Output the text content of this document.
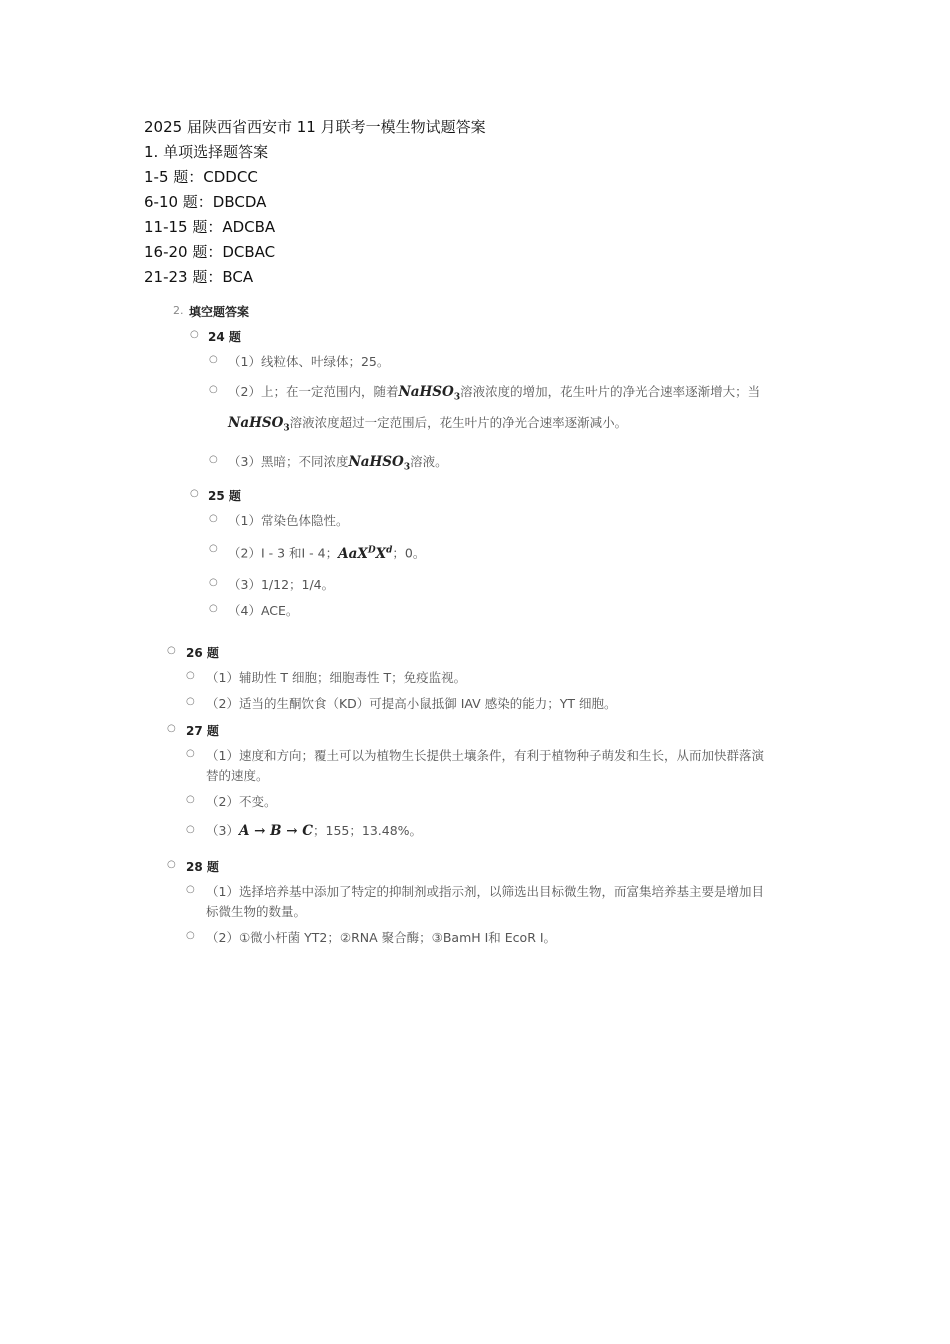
2025 届陕西省西安市 11 月联考一模生物试题答案
1. 单项选择题答案
1-5 题：CDDCC
6-10 题：DBCDA
11-15 题：ADCBA
16-20 题：DCBAC
21-23 题：BCA
2. 填空题答案
○ 24 题
○ （1）线粒体、叶绿体；25。
○ （2）上；在一定范围内，随着NaHSO$_3$溶液浓度的增加，花生叶片的净光合速率逐渐增大；当
NaHSO$_3$溶液浓度超过一定范围后，花生叶片的净光合速率逐渐减小。
○ （3）黑暗；不同浓度NaHSO$_3$溶液。
○ 25 题
○ （1）常染色体隐性。
○ （2）Ⅰ - 3 和Ⅰ - 4；$AaX^DX^d$；0。
○ （3）1/12；1/4。
○ （4）ACE。
○ 26 题
○ （1）辅助性 T 细胞；细胞毒性 T；免疫监视。
○ （2）适当的生酮饮食（KD）可提高小鼠抵御 IAV 感染的能力；YT 细胞。
○ 27 题
○ （1）速度和方向；覆土可以为植物生长提供土壤条件，有利于植物种子萌发和生长，从而加快群落演替的速度。
○ （2）不变。
○ （3）A → B → C；155；13.48%。
○ 28 题
○ （1）选择培养基中添加了特定的抑制剂或指示剂，以筛选出目标微生物，而富集培养基主要是增加目标微生物的数量。
○ （2）①微小杆菌 YT2；②RNA 聚合酶；③BamH Ⅰ和 EcoR Ⅰ。
